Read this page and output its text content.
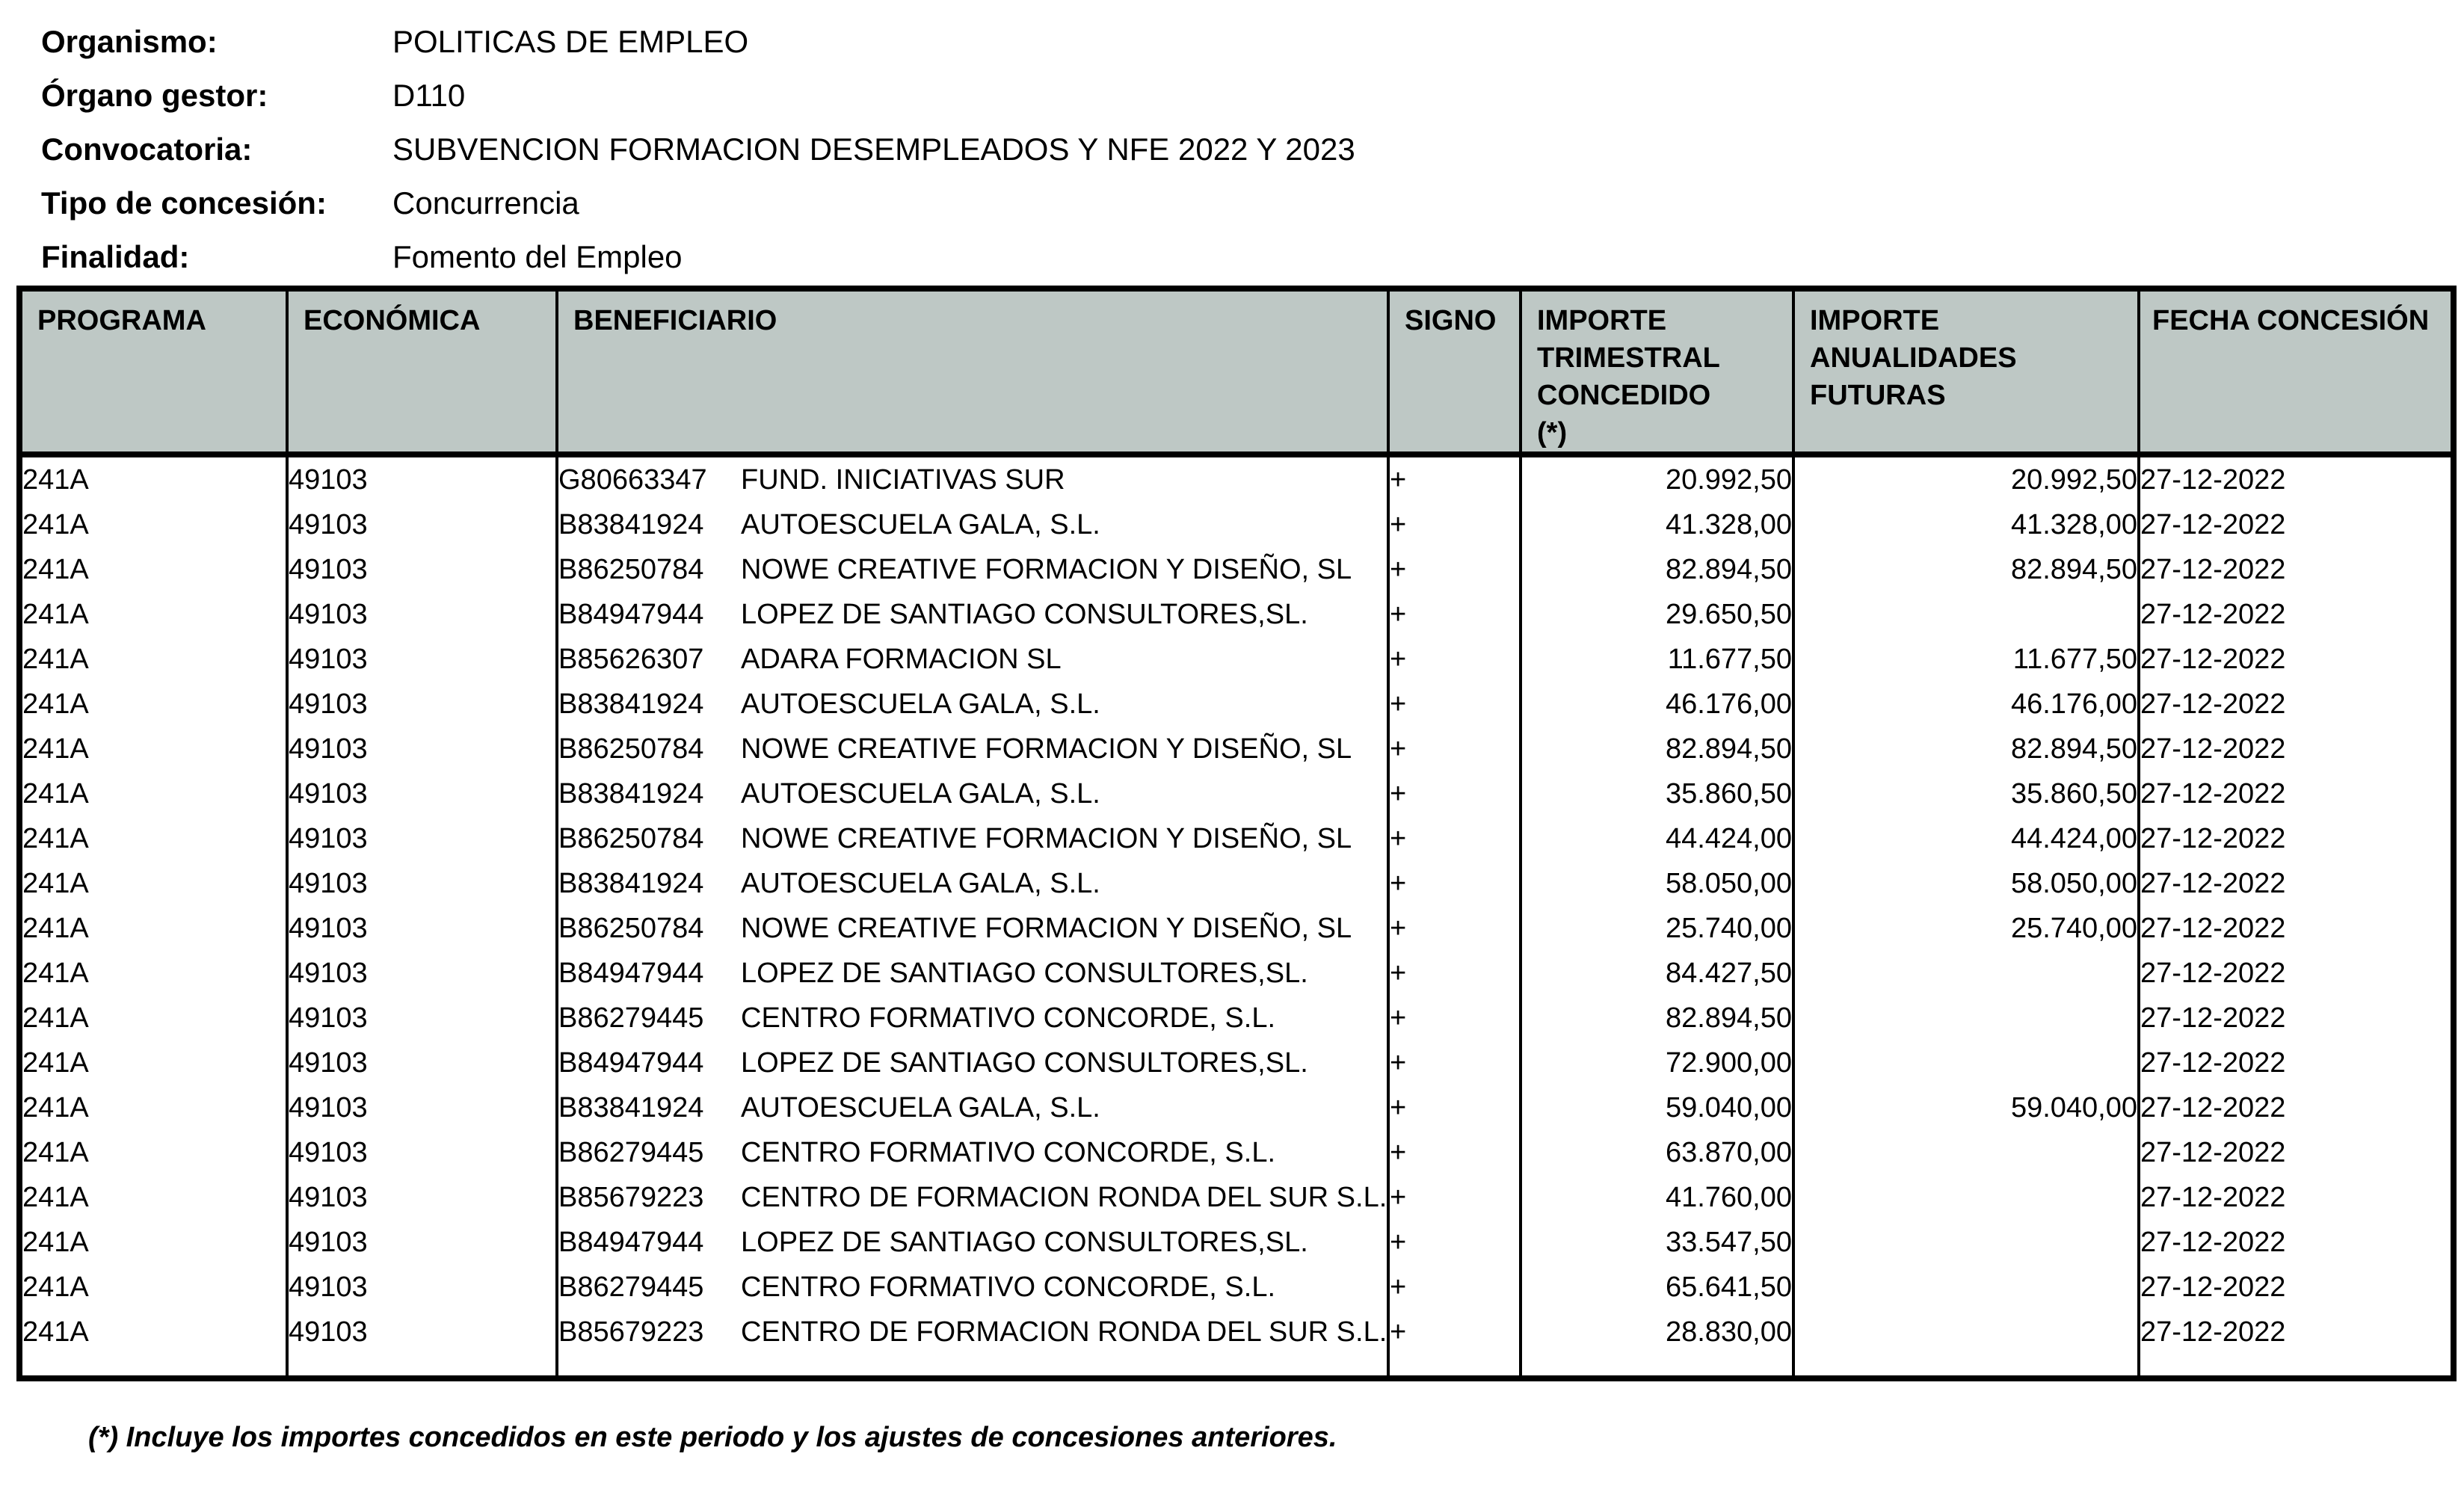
Organismo:	POLITICAS DE EMPLEO
Órgano gestor:	D110
Convocatoria:	SUBVENCION FORMACION DESEMPLEADOS Y NFE 2022 Y 2023
Tipo de concesión:	Concurrencia
Finalidad:	Fomento del Empleo
PROGRAMA	ECONÓMICA	BENEFICIARIO	SIGNO	IMPORTE TRIMESTRAL CONCEDIDO (*)	IMPORTE ANUALIDADES FUTURAS	FECHA CONCESIÓN
241A	49103	G80663347 FUND. INICIATIVAS SUR	+	20.992,50	20.992,50	27-12-2022
241A	49103	B83841924 AUTOESCUELA GALA, S.L.	+	41.328,00	41.328,00	27-12-2022
241A	49103	B86250784 NOWE CREATIVE FORMACION Y DISEÑO, SL	+	82.894,50	82.894,50	27-12-2022
241A	49103	B84947944 LOPEZ DE SANTIAGO CONSULTORES,SL.	+	29.650,50		27-12-2022
241A	49103	B85626307 ADARA FORMACION SL	+	11.677,50	11.677,50	27-12-2022
241A	49103	B83841924 AUTOESCUELA GALA, S.L.	+	46.176,00	46.176,00	27-12-2022
241A	49103	B86250784 NOWE CREATIVE FORMACION Y DISEÑO, SL	+	82.894,50	82.894,50	27-12-2022
241A	49103	B83841924 AUTOESCUELA GALA, S.L.	+	35.860,50	35.860,50	27-12-2022
241A	49103	B86250784 NOWE CREATIVE FORMACION Y DISEÑO, SL	+	44.424,00	44.424,00	27-12-2022
241A	49103	B83841924 AUTOESCUELA GALA, S.L.	+	58.050,00	58.050,00	27-12-2022
241A	49103	B86250784 NOWE CREATIVE FORMACION Y DISEÑO, SL	+	25.740,00	25.740,00	27-12-2022
241A	49103	B84947944 LOPEZ DE SANTIAGO CONSULTORES,SL.	+	84.427,50		27-12-2022
241A	49103	B86279445 CENTRO FORMATIVO CONCORDE, S.L.	+	82.894,50		27-12-2022
241A	49103	B84947944 LOPEZ DE SANTIAGO CONSULTORES,SL.	+	72.900,00		27-12-2022
241A	49103	B83841924 AUTOESCUELA GALA, S.L.	+	59.040,00	59.040,00	27-12-2022
241A	49103	B86279445 CENTRO FORMATIVO CONCORDE, S.L.	+	63.870,00		27-12-2022
241A	49103	B85679223 CENTRO DE FORMACION RONDA DEL SUR S.L.	+	41.760,00		27-12-2022
241A	49103	B84947944 LOPEZ DE SANTIAGO CONSULTORES,SL.	+	33.547,50		27-12-2022
241A	49103	B86279445 CENTRO FORMATIVO CONCORDE, S.L.	+	65.641,50		27-12-2022
241A	49103	B85679223 CENTRO DE FORMACION RONDA DEL SUR S.L.	+	28.830,00		27-12-2022

(*) Incluye los importes concedidos en este periodo y los ajustes de concesiones anteriores.
